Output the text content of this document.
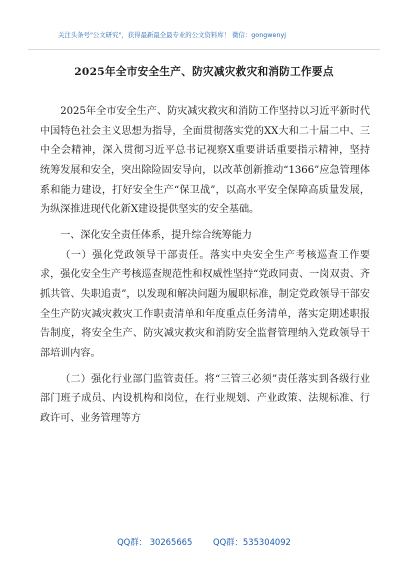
关注头条号"公文研究"，获得最新最全最专业的公文资料库！ 微信：gongwenyj
2025年全市安全生产、防灾减灾救灾和消防工作要点

2025年全市安全生产、防灾减灾救灾和消防工作坚持以习近平新时代中国特色社会主义思想为指导，全面贯彻落实党的XX大和二十届二中、三中全会精神，深入贯彻习近平总书记视察X重要讲话重要指示精神，坚持统筹发展和安全，突出除险固安导向，以改革创新推动“1366”应急管理体系和能力建设，打好安全生产“保卫战”，以高水平安全保障高质量发展，为纵深推进现代化新X建设提供坚实的安全基础。

一、深化安全责任体系，提升综合统筹能力

（一）强化党政领导干部责任。落实中央安全生产考核巡查工作要求，强化安全生产考核巡查规范性和权威性坚持“党政同责、一岗双责、齐抓共管、失职追责”，以发现和解决问题为履职标准，制定党政领导干部安全生产防灾减灾救灾工作职责清单和年度重点任务清单，落实定期述职报告制度，将安全生产、防灾减灾救灾和消防安全监督管理纳入党政领导干部培训内容。

（二）强化行业部门监管责任。将“三管三必须”责任落实到各级行业部门班子成员、内设机构和岗位，在行业规划、产业政策、法规标准、行政许可、业务管理等方

QQ群： 30265665 QQ群：535304092
